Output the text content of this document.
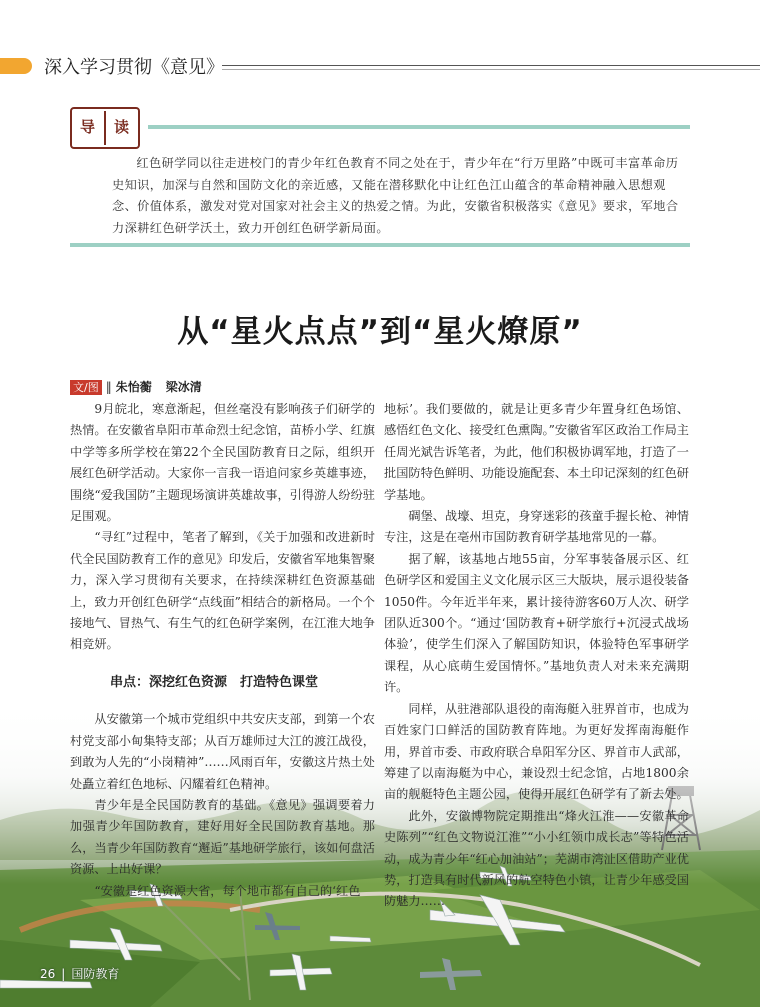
深入学习贯彻《意见》
导 读
红色研学同以往走进校门的青少年红色教育不同之处在于，青少年在“行万里路”中既可丰富革命历史知识，加深与自然和国防文化的亲近感，又能在潜移默化中让红色江山蕴含的革命精神融入思想观念、价值体系，激发对党对国家对社会主义的热爱之情。为此，安徽省积极落实《意见》要求，军地合力深耕红色研学沃土，致力开创红色研学新局面。
从“星火点点”到“星火燎原”
文/图 ‖ 朱怡蘅 梁冰清

9月皖北，寒意渐起，但丝毫没有影响孩子们研学的热情。在安徽省阜阳市革命烈士纪念馆，苗桥小学、红旗中学等多所学校在第22个全民国防教育日之际，组织开展红色研学活动。大家你一言我一语追问家乡英雄事迹，围绕“爱我国防”主题现场演讲英雄故事，引得游人纷纷驻足围观。

“寻红”过程中，笔者了解到，《关于加强和改进新时代全民国防教育工作的意见》印发后，安徽省军地集智聚力，深入学习贯彻有关要求，在持续深耕红色资源基础上，致力开创红色研学“点线面”相结合的新格局。一个个接地气、冒热气、有生气的红色研学案例，在江淮大地争相竞妍。

串点：深挖红色资源　打造特色课堂

从安徽第一个城市党组织中共安庆支部，到第一个农村党支部小甸集特支部；从百万雄师过大江的渡江战役，到敢为人先的“小岗精神”……风雨百年，安徽这片热土处处矗立着红色地标、闪耀着红色精神。

青少年是全民国防教育的基础。《意见》强调要着力加强青少年国防教育，建好用好全民国防教育基地。那么，当青少年国防教育“邂逅”基地研学旅行，该如何盘活资源、上出好课？

“安徽是红色资源大省，每个地市都有自己的‘红色

地标’。我们要做的，就是让更多青少年置身红色场馆、感悟红色文化、接受红色熏陶。”安徽省军区政治工作局主任周光斌告诉笔者，为此，他们积极协调军地，打造了一批国防特色鲜明、功能设施配套、本土印记深刻的红色研学基地。

碉堡、战壕、坦克，身穿迷彩的孩童手握长枪、神情专注，这是在亳州市国防教育研学基地常见的一幕。

据了解，该基地占地55亩，分军事装备展示区、红色研学区和爱国主义文化展示区三大版块，展示退役装备1050件。今年近半年来，累计接待游客60万人次、研学团队近300个。“通过‘国防教育+研学旅行+沉浸式战场体验’，使学生们深入了解国防知识，体验特色军事研学课程，从心底萌生爱国情怀。”基地负责人对未来充满期许。

同样，从驻港部队退役的南海艇入驻界首市，也成为百姓家门口鲜活的国防教育阵地。为更好发挥南海艇作用，界首市委、市政府联合阜阳军分区、界首市人武部，筹建了以南海艇为中心，兼设烈士纪念馆，占地1800余亩的舰艇特色主题公园，使得开展红色研学有了新去处。

此外，安徽博物院定期推出“烽火江淮——安徽革命史陈列”“红色文物说江淮”“小小红领巾成长志”等特色活动，成为青少年“红心加油站”；芜湖市湾沚区借助产业优势，打造具有时代新风的航空特色小镇，让青少年感受国防魅力……

26 | 国防教育
